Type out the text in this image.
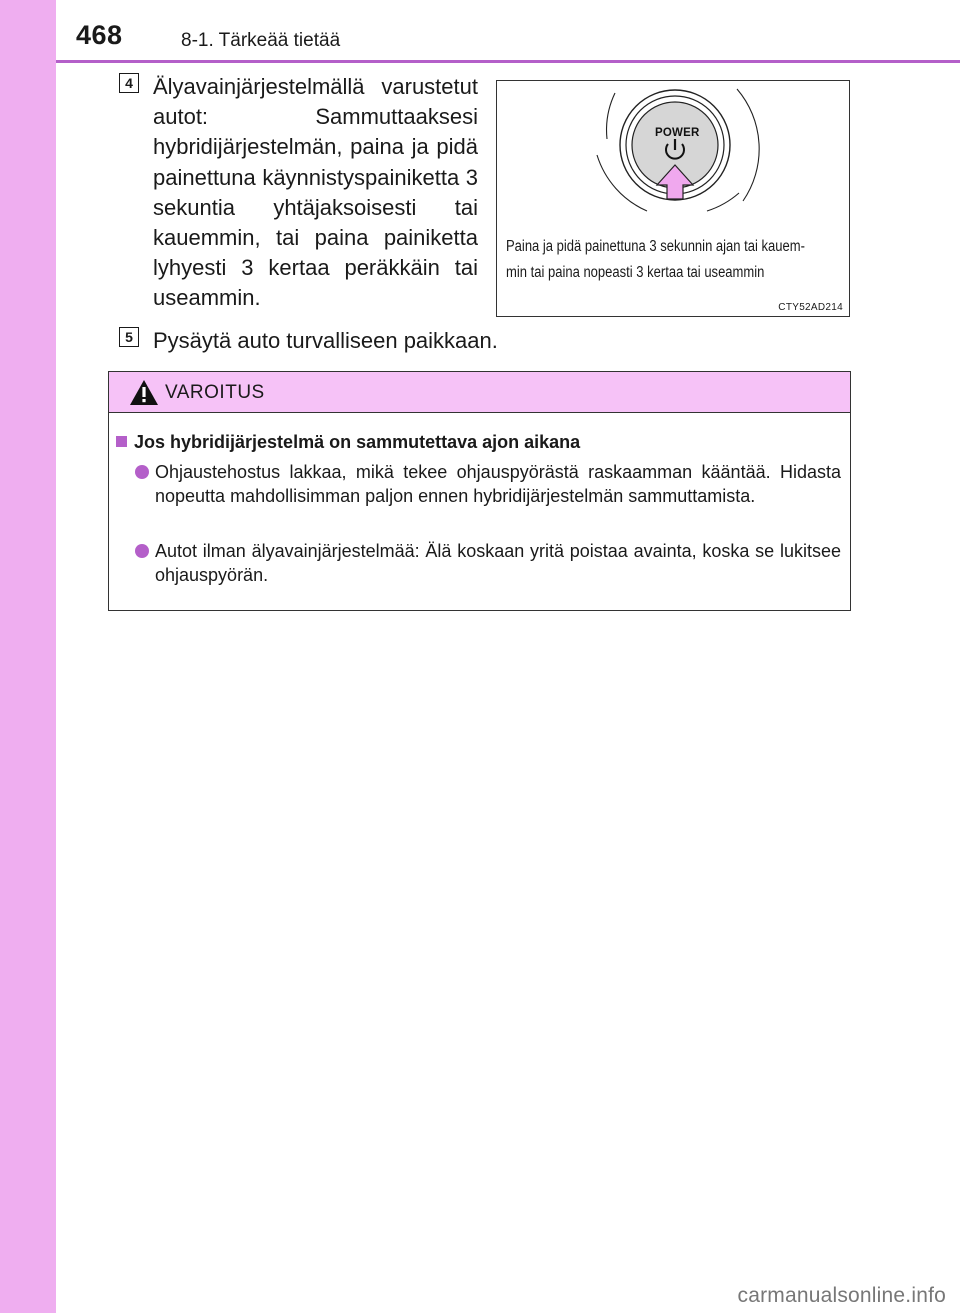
468	8-1. Tärkeää tietää
4 Älyavainjärjestelmällä varustetut autot: Sammuttaaksesi hybridijärjestelmän, paina ja pidä painettuna käynnistyspainiketta 3 sekuntia yhtäjaksoisesti tai kauemmin, tai paina painiketta lyhyesti 3 kertaa peräkkäin tai useammin.
POWER
Paina ja pidä painettuna 3 sekunnin ajan tai kauem-
min tai paina nopeasti 3 kertaa tai useammin
CTY52AD214
5 Pysäytä auto turvalliseen paikkaan.
VAROITUS
Jos hybridijärjestelmä on sammutettava ajon aikana
Ohjaustehostus lakkaa, mikä tekee ohjauspyörästä raskaamman kääntää. Hidasta nopeutta mahdollisimman paljon ennen hybridijärjestelmän sammuttamista.
Autot ilman älyavainjärjestelmää: Älä koskaan yritä poistaa avainta, koska se lukitsee ohjauspyörän.
carmanualsonline.info
